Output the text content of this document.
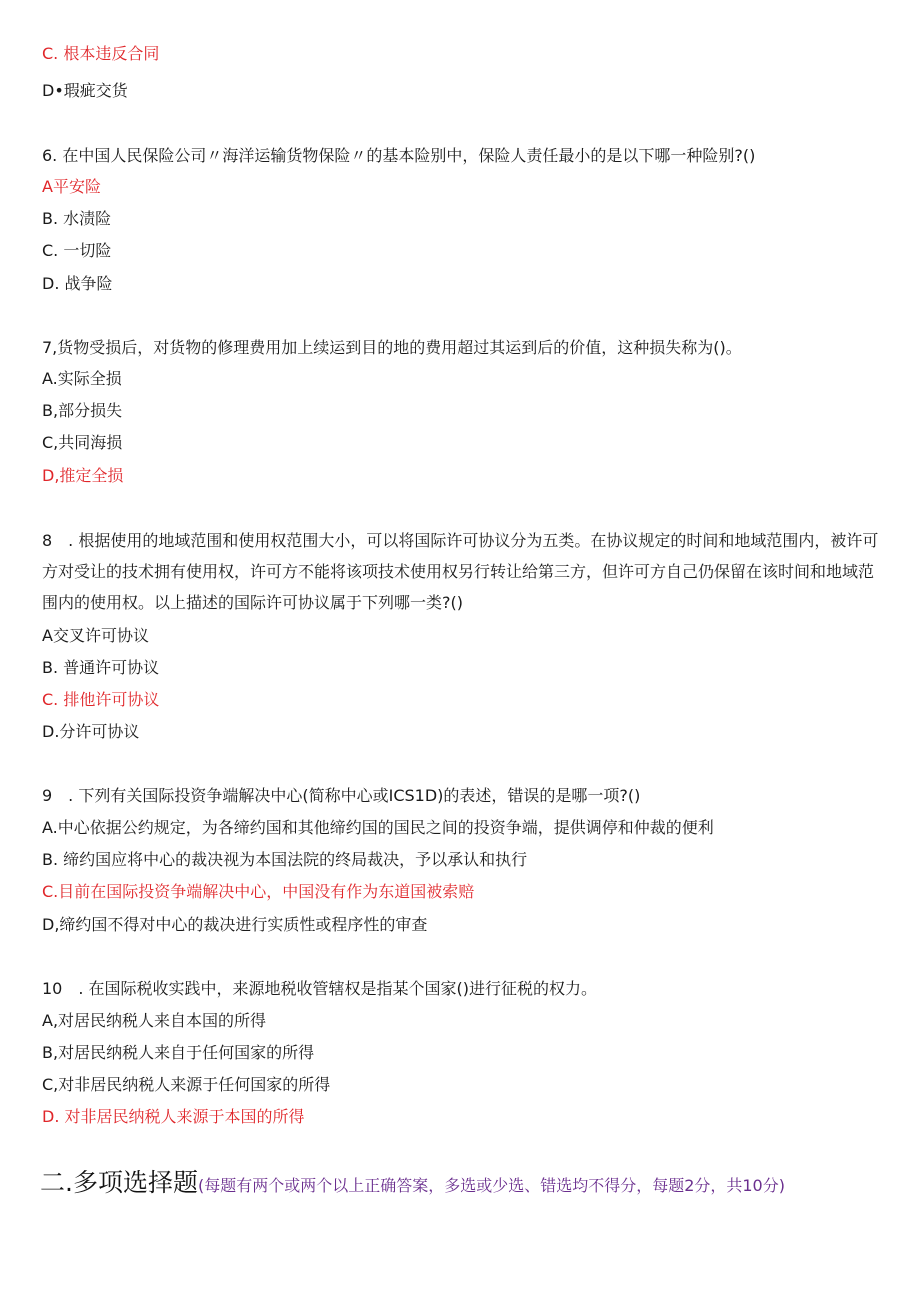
C. 根本违反合同
D•瑕疵交货
6. 在中国人民保险公司〃海洋运输货物保险〃的基本险别中，保险人责任最小的是以下哪一种险别?()
A平安险
B. 水渍险
C. 一切险
D. 战争险
7,货物受损后，对货物的修理费用加上续运到目的地的费用超过其运到后的价值，这种损失称为()。
A.实际全损
B,部分损失
C,共同海损
D,推定全损
8　. 根据使用的地域范围和使用权范围大小，可以将国际许可协议分为五类。在协议规定的时间和地域范围内，被许可方对受让的技术拥有使用权，许可方不能将该项技术使用权另行转让给第三方，但许可方自己仍保留在该时间和地域范围内的使用权。以上描述的国际许可协议属于下列哪一类?()
A交叉许可协议
B. 普通许可协议
C. 排他许可协议
D.分许可协议
9　. 下列有关国际投资争端解决中心(简称中心或ICS1D)的表述，错误的是哪一项?()
A.中心依据公约规定，为各缔约国和其他缔约国的国民之间的投资争端，提供调停和仲裁的便利
B. 缔约国应将中心的裁决视为本国法院的终局裁决，予以承认和执行
C.目前在国际投资争端解决中心，中国没有作为东道国被索赔
D,缔约国不得对中心的裁决进行实质性或程序性的审查
10　. 在国际税收实践中，来源地税收管辖权是指某个国家()进行征税的权力。
A,对居民纳税人来自本国的所得
B,对居民纳税人来自于任何国家的所得
C,对非居民纳税人来源于任何国家的所得
D. 对非居民纳税人来源于本国的所得
二.多项选择题(每题有两个或两个以上正确答案，多选或少选、错选均不得分，每题2分，共10分)
